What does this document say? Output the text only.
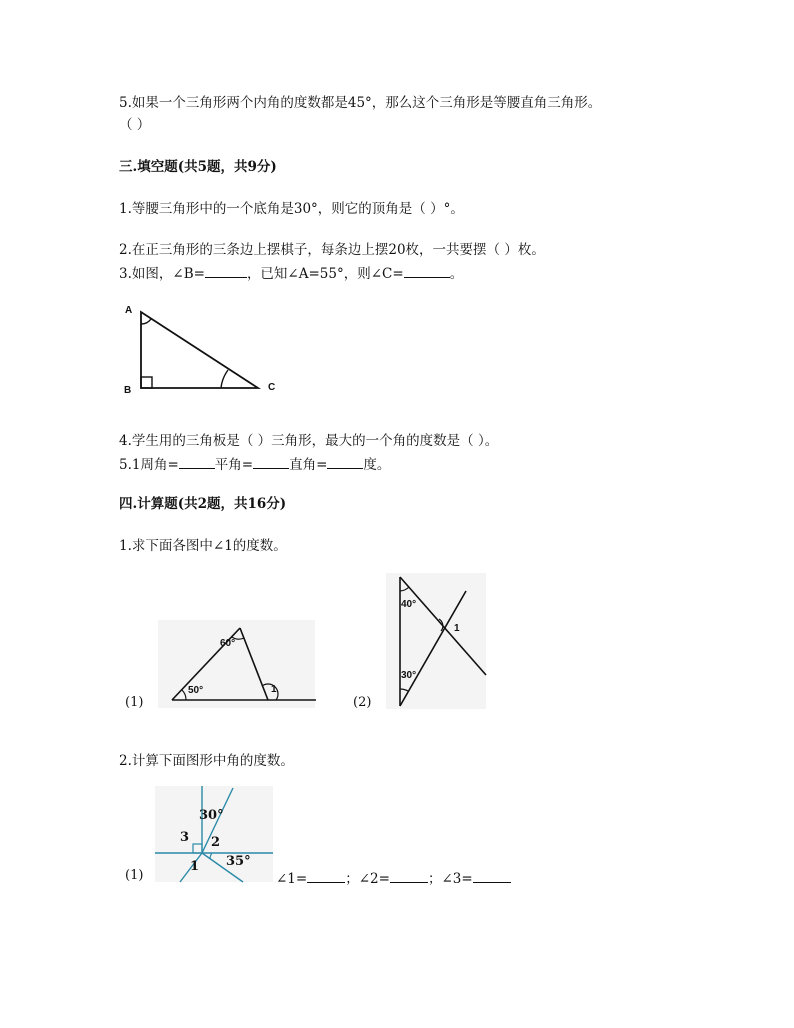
5.如果一个三角形两个内角的度数都是45°，那么这个三角形是等腰直角三角形。
（ ）
三.填空题(共5题，共9分)
1.等腰三角形中的一个底角是30°，则它的顶角是（ ）°。
2.在正三角形的三条边上摆棋子，每条边上摆20枚，一共要摆（ ）枚。
3.如图，∠B=	，已知∠A=55°，则∠C=	。
A
B	C
4.学生用的三角板是（ ）三角形，最大的一个角的度数是（ ）。
5.1周角=	平角=	直角=	度。
四.计算题(共2题，共16分)
1.求下面各图中∠1的度数。
(1)
60°
50°	1
(2)
40°
1
30°
2.计算下面图形中角的度数。
(1)
30°
3 2
1 35°
∠1=	；∠2=	；∠3=
